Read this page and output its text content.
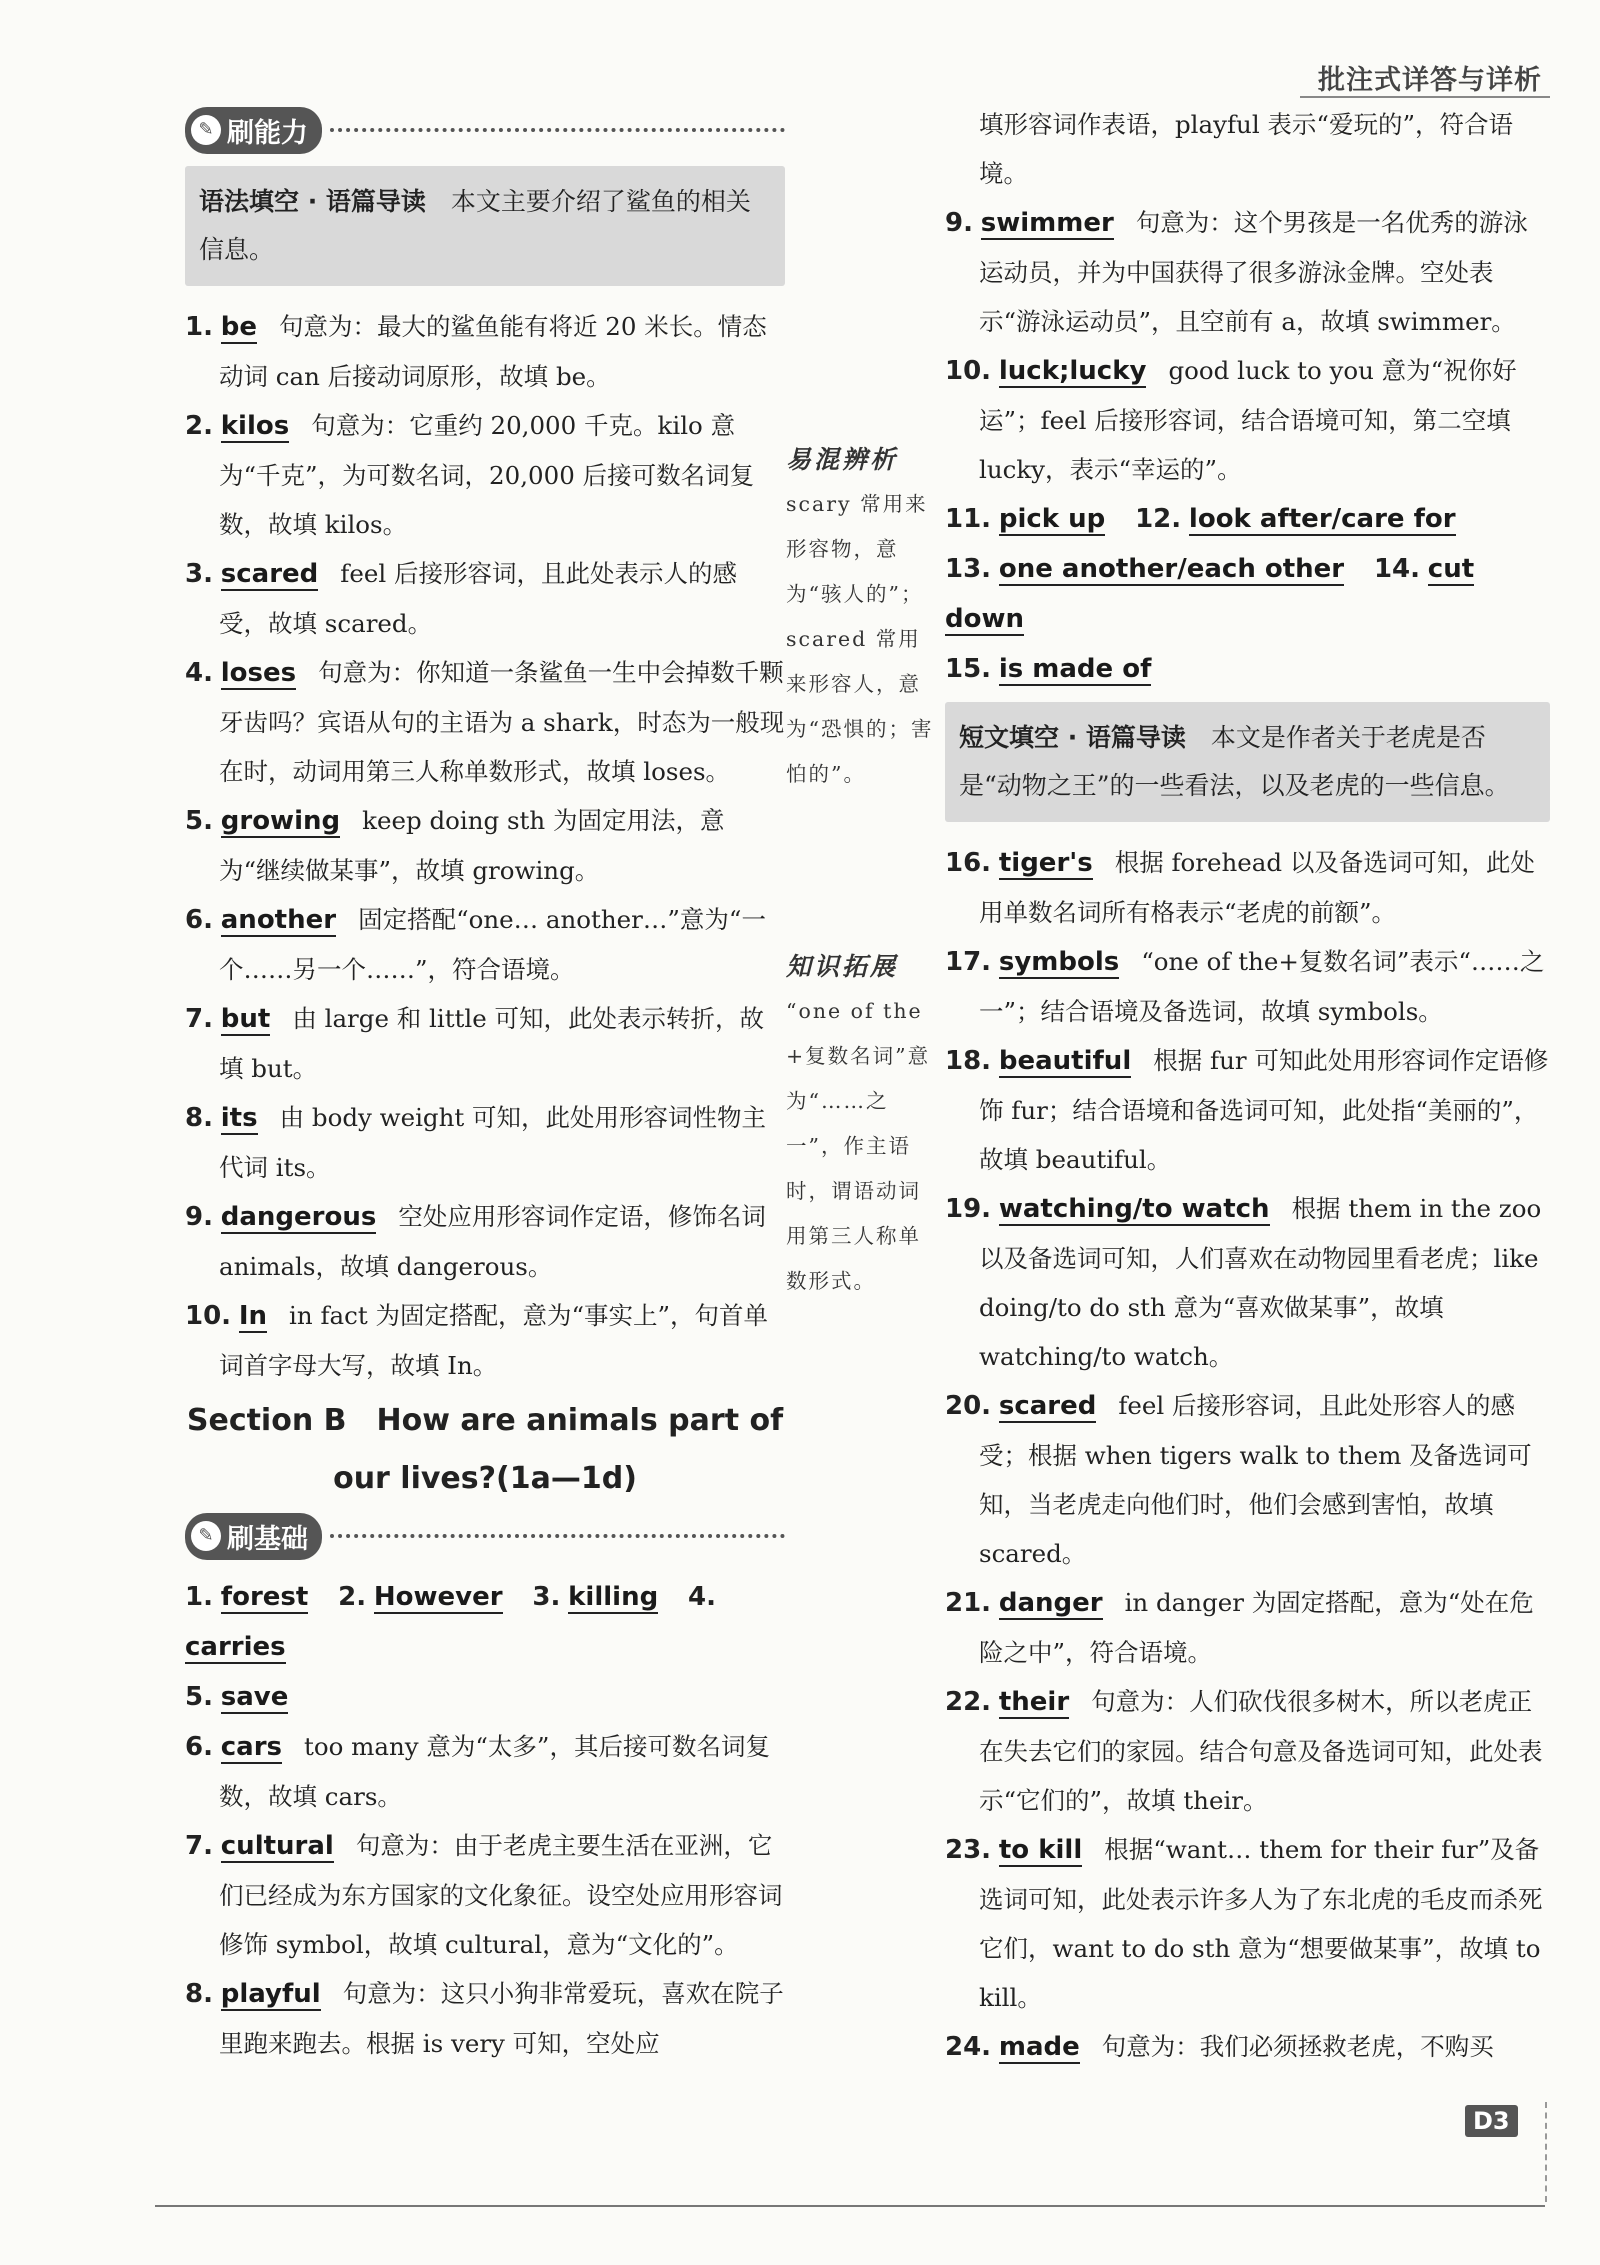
批注式详答与详析
✎ 刷能力
语法填空 · 语篇导读　 本文主要介绍了鲨鱼的相关信息。
1. be 句意为：最大的鲨鱼能有将近 20 米长。情态动词 can 后接动词原形，故填 be。
2. kilos 句意为：它重约 20,000 千克。kilo 意为“千克”，为可数名词，20,000 后接可数名词复数，故填 kilos。
3. scared feel 后接形容词，且此处表示人的感受，故填 scared。
4. loses 句意为：你知道一条鲨鱼一生中会掉数千颗牙齿吗？宾语从句的主语为 a shark，时态为一般现在时，动词用第三人称单数形式，故填 loses。
5. growing keep doing sth 为固定用法，意为“继续做某事”，故填 growing。
6. another 固定搭配“one… another…”意为“一个……另一个……”，符合语境。
7. but 由 large 和 little 可知，此处表示转折，故填 but。
8. its 由 body weight 可知，此处用形容词性物主代词 its。
9. dangerous 空处应用形容词作定语，修饰名词 animals，故填 dangerous。
10. In in fact 为固定搭配，意为“事实上”，句首单词首字母大写，故填 In。
Section B　How are animals part of
our lives?(1a—1d)
✎ 刷基础
1. forest 2. However 3. killing 4. carries
5. save
6. cars too many 意为“太多”，其后接可数名词复数，故填 cars。
7. cultural 句意为：由于老虎主要生活在亚洲，它们已经成为东方国家的文化象征。设空处应用形容词修饰 symbol，故填 cultural，意为“文化的”。
8. playful 句意为：这只小狗非常爱玩，喜欢在院子里跑来跑去。根据 is very 可知，空处应
易混辨析
scary 常用来形容物，意为“骇人的”；scared 常用来形容人，意为“恐惧的；害怕的”。
知识拓展
“one of the +复数名词”意为“……之一”，作主语时，谓语动词用第三人称单数形式。
填形容词作表语，playful 表示“爱玩的”，符合语境。
9. swimmer 句意为：这个男孩是一名优秀的游泳运动员，并为中国获得了很多游泳金牌。空处表示“游泳运动员”，且空前有 a，故填 swimmer。
10. luck;lucky good luck to you 意为“祝你好运”；feel 后接形容词，结合语境可知，第二空填 lucky，表示“幸运的”。
11. pick up 12. look after/care for
13. one another/each other 14. cut down
15. is made of
短文填空 · 语篇导读　 本文是作者关于老虎是否是“动物之王”的一些看法，以及老虎的一些信息。
16. tiger's 根据 forehead 以及备选词可知，此处用单数名词所有格表示“老虎的前额”。
17. symbols “one of the+复数名词”表示“……之一”；结合语境及备选词，故填 symbols。
18. beautiful 根据 fur 可知此处用形容词作定语修饰 fur；结合语境和备选词可知，此处指“美丽的”，故填 beautiful。
19. watching/to watch 根据 them in the zoo 以及备选词可知，人们喜欢在动物园里看老虎；like doing/to do sth 意为“喜欢做某事”，故填 watching/to watch。
20. scared feel 后接形容词，且此处形容人的感受；根据 when tigers walk to them 及备选词可知，当老虎走向他们时，他们会感到害怕，故填 scared。
21. danger in danger 为固定搭配，意为“处在危险之中”，符合语境。
22. their 句意为：人们砍伐很多树木，所以老虎正在失去它们的家园。结合句意及备选词可知，此处表示“它们的”，故填 their。
23. to kill 根据“want… them for their fur”及备选词可知，此处表示许多人为了东北虎的毛皮而杀死它们，want to do sth 意为“想要做某事”，故填 to kill。
24. made 句意为：我们必须拯救老虎，不购买
D3
